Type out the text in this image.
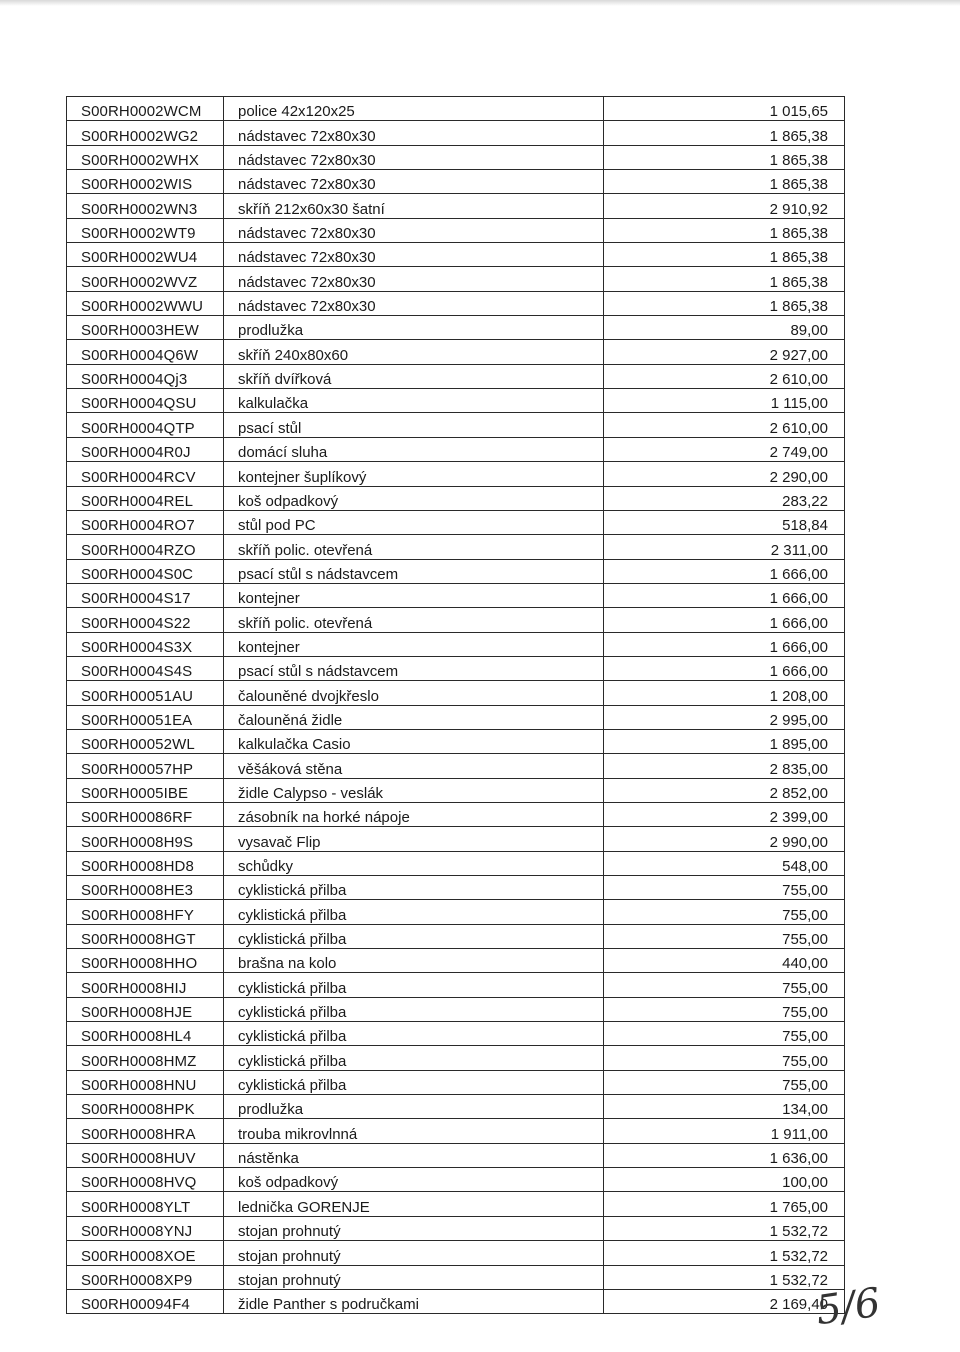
S00RH0002WCM	police 42x120x25	1 015,65
S00RH0002WG2	nádstavec 72x80x30	1 865,38
S00RH0002WHX	nádstavec 72x80x30	1 865,38
S00RH0002WIS	nádstavec 72x80x30	1 865,38
S00RH0002WN3	skříň 212x60x30 šatní	2 910,92
S00RH0002WT9	nádstavec 72x80x30	1 865,38
S00RH0002WU4	nádstavec 72x80x30	1 865,38
S00RH0002WVZ	nádstavec 72x80x30	1 865,38
S00RH0002WWU	nádstavec 72x80x30	1 865,38
S00RH0003HEW	prodlužka	89,00
S00RH0004Q6W	skříň 240x80x60	2 927,00
S00RH0004Qj3	skříň dvířková	2 610,00
S00RH0004QSU	kalkulačka	1 115,00
S00RH0004QTP	psací stůl	2 610,00
S00RH0004R0J	domácí sluha	2 749,00
S00RH0004RCV	kontejner šuplíkový	2 290,00
S00RH0004REL	koš odpadkový	283,22
S00RH0004RO7	stůl pod PC	518,84
S00RH0004RZO	skříň polic. otevřená	2 311,00
S00RH0004S0C	psací stůl s nádstavcem	1 666,00
S00RH0004S17	kontejner	1 666,00
S00RH0004S22	skříň polic. otevřená	1 666,00
S00RH0004S3X	kontejner	1 666,00
S00RH0004S4S	psací stůl s nádstavcem	1 666,00
S00RH00051AU	čalouněné dvojkřeslo	1 208,00
S00RH00051EA	čalouněná židle	2 995,00
S00RH00052WL	kalkulačka Casio	1 895,00
S00RH00057HP	věšáková stěna	2 835,00
S00RH0005IBE	židle Calypso - veslák	2 852,00
S00RH00086RF	zásobník na horké nápoje	2 399,00
S00RH0008H9S	vysavač Flip	2 990,00
S00RH0008HD8	schůdky	548,00
S00RH0008HE3	cyklistická přilba	755,00
S00RH0008HFY	cyklistická přilba	755,00
S00RH0008HGT	cyklistická přilba	755,00
S00RH0008HHO	brašna na kolo	440,00
S00RH0008HIJ	cyklistická přilba	755,00
S00RH0008HJE	cyklistická přilba	755,00
S00RH0008HL4	cyklistická přilba	755,00
S00RH0008HMZ	cyklistická přilba	755,00
S00RH0008HNU	cyklistická přilba	755,00
S00RH0008HPK	prodlužka	134,00
S00RH0008HRA	trouba mikrovlnná	1 911,00
S00RH0008HUV	nástěnka	1 636,00
S00RH0008HVQ	koš odpadkový	100,00
S00RH0008YLT	lednička GORENJE	1 765,00
S00RH0008YNJ	stojan prohnutý	1 532,72
S00RH0008XOE	stojan prohnutý	1 532,72
S00RH0008XP9	stojan prohnutý	1 532,72
S00RH00094F4	židle Panther s područkami	2 169,40
5/6
